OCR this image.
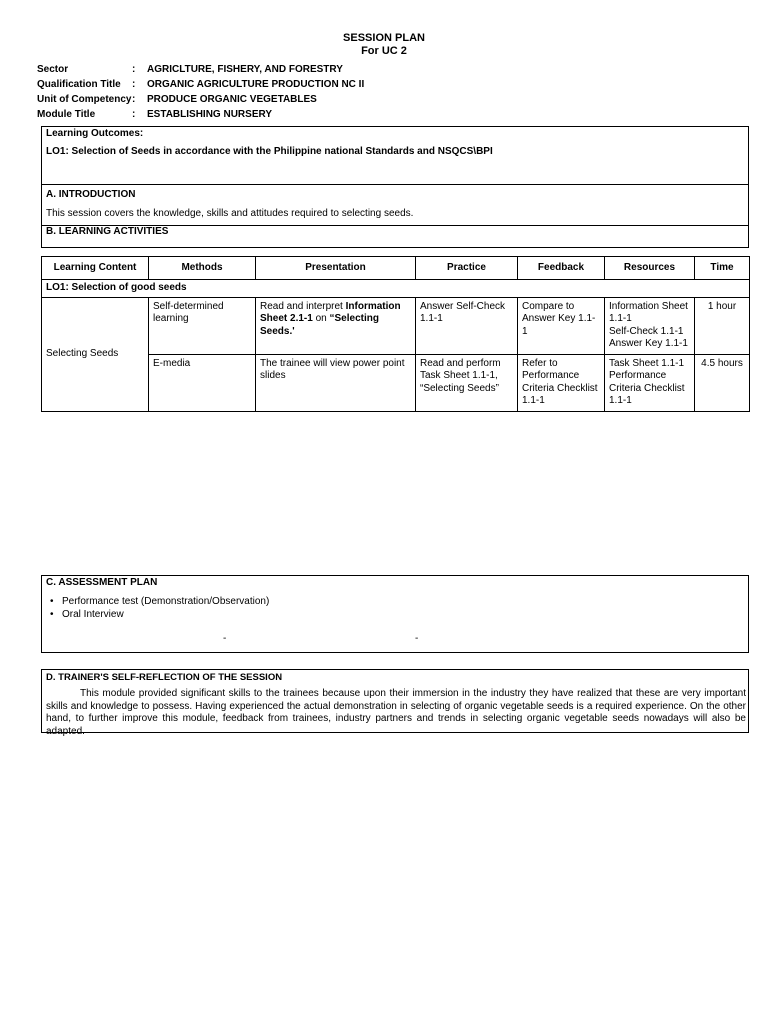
SESSION PLAN
For UC 2
Sector	: AGRICLTURE, FISHERY, AND FORESTRY
Qualification Title : ORGANIC AGRICULTURE PRODUCTION NC II
Unit of Competency: PRODUCE ORGANIC VEGETABLES
Module Title	: ESTABLISHING NURSERY
Learning Outcomes:
LO1: Selection of Seeds in accordance with the Philippine national Standards and NSQCS\BPI
A. INTRODUCTION
This session covers the knowledge, skills and attitudes required to selecting seeds.
B. LEARNING ACTIVITIES
Learning Content	Methods	Presentation	Practice	Feedback	Resources	Time
LO1: Selection of good seeds						
Selecting Seeds	Self-determined learning	Read and interpret Information Sheet 2.1-1 on “Selecting Seeds.'	Answer Self-Check 1.1-1	Compare to Answer Key 1.1-1	Information Sheet 1.1-1
Self-Check 1.1-1
Answer Key 1.1-1	1 hour
	E-media	The trainee will view power point slides	Read and perform Task Sheet 1.1-1, “Selecting Seeds”	Refer to Performance Criteria Checklist 1.1-1	Task Sheet 1.1-1 Performance Criteria Checklist 1.1-1	4.5 hours
C. ASSESSMENT PLAN
• Performance test (Demonstration/Observation)
• Oral Interview
-	-
D. TRAINER'S SELF-REFLECTION OF THE SESSION
This module provided significant skills to the trainees because upon their immersion in the industry they have realized that these are very important skills and knowledge to possess. Having experienced the actual demonstration in selecting of organic vegetable seeds is a required experience. On the other hand, to further improve this module, feedback from trainees, industry partners and trends in selecting organic vegetable seeds nowadays will also be adapted.
